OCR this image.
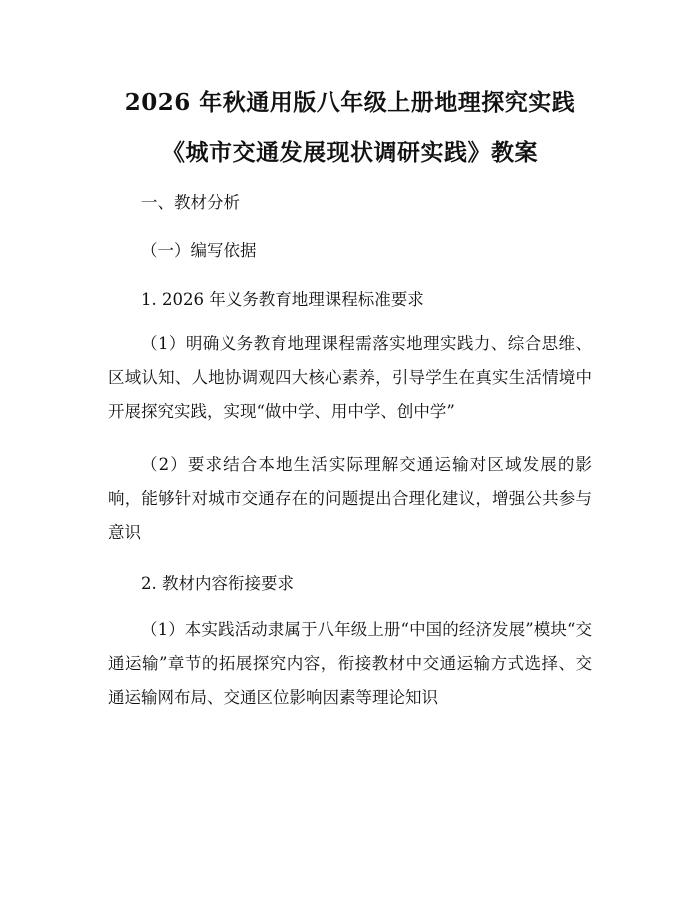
2026 年秋通用版八年级上册地理探究实践
《城市交通发展现状调研实践》教案

一、教材分析

（一）编写依据

1. 2026 年义务教育地理课程标准要求

（1）明确义务教育地理课程需落实地理实践力、综合思维、区域认知、人地协调观四大核心素养，引导学生在真实生活情境中开展探究实践，实现“做中学、用中学、创中学”

（2）要求结合本地生活实际理解交通运输对区域发展的影响，能够针对城市交通存在的问题提出合理化建议，增强公共参与意识

2. 教材内容衔接要求

（1）本实践活动隶属于八年级上册“中国的经济发展”模块“交通运输”章节的拓展探究内容，衔接教材中交通运输方式选择、交通运输网布局、交通区位影响因素等理论知识
